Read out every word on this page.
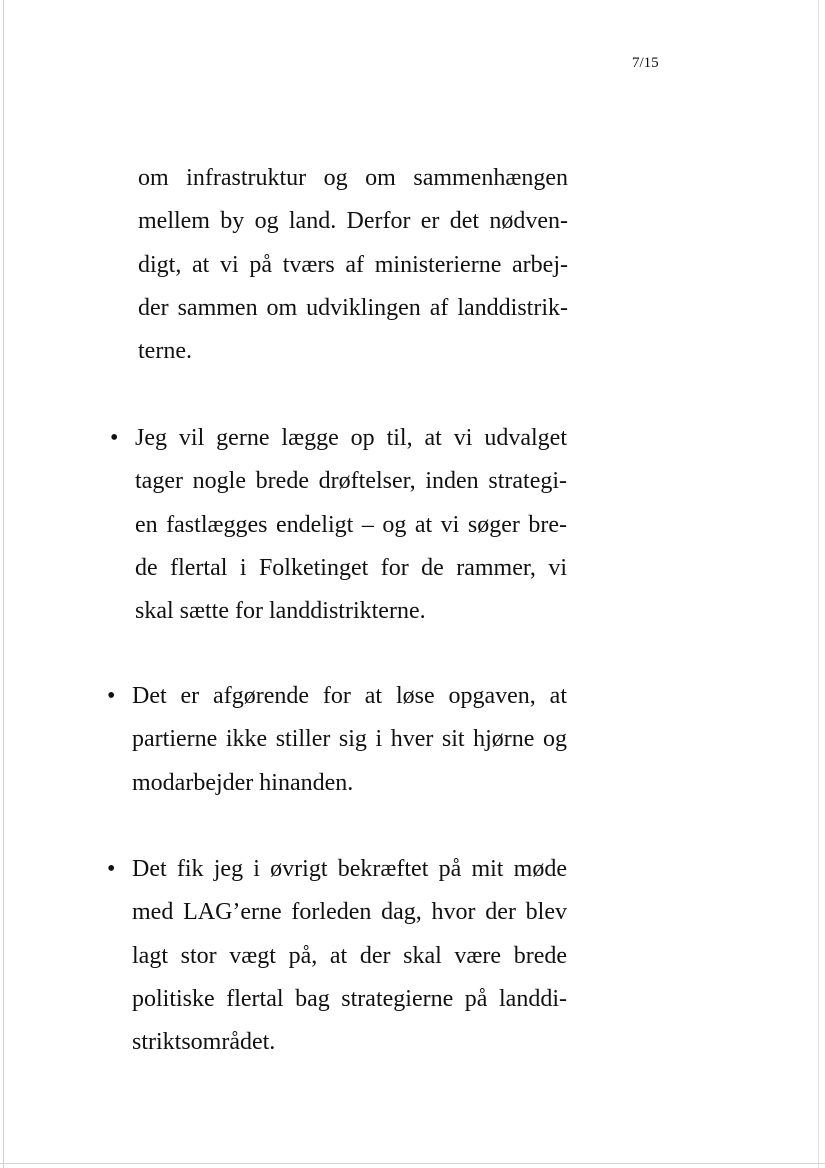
7/15
om infrastruktur og om sammenhængen
mellem by og land. Derfor er det nødven-
digt, at vi på tværs af ministerierne arbej-
der sammen om udviklingen af landdistrik-
terne.
• Jeg vil gerne lægge op til, at vi udvalget
tager nogle brede drøftelser, inden strategi-
en fastlægges endeligt – og at vi søger bre-
de flertal i Folketinget for de rammer, vi
skal sætte for landdistrikterne.
• Det er afgørende for at løse opgaven, at
partierne ikke stiller sig i hver sit hjørne og
modarbejder hinanden.
• Det fik jeg i øvrigt bekræftet på mit møde
med LAG’erne forleden dag, hvor der blev
lagt stor vægt på, at der skal være brede
politiske flertal bag strategierne på landdi-
striktsområdet.
